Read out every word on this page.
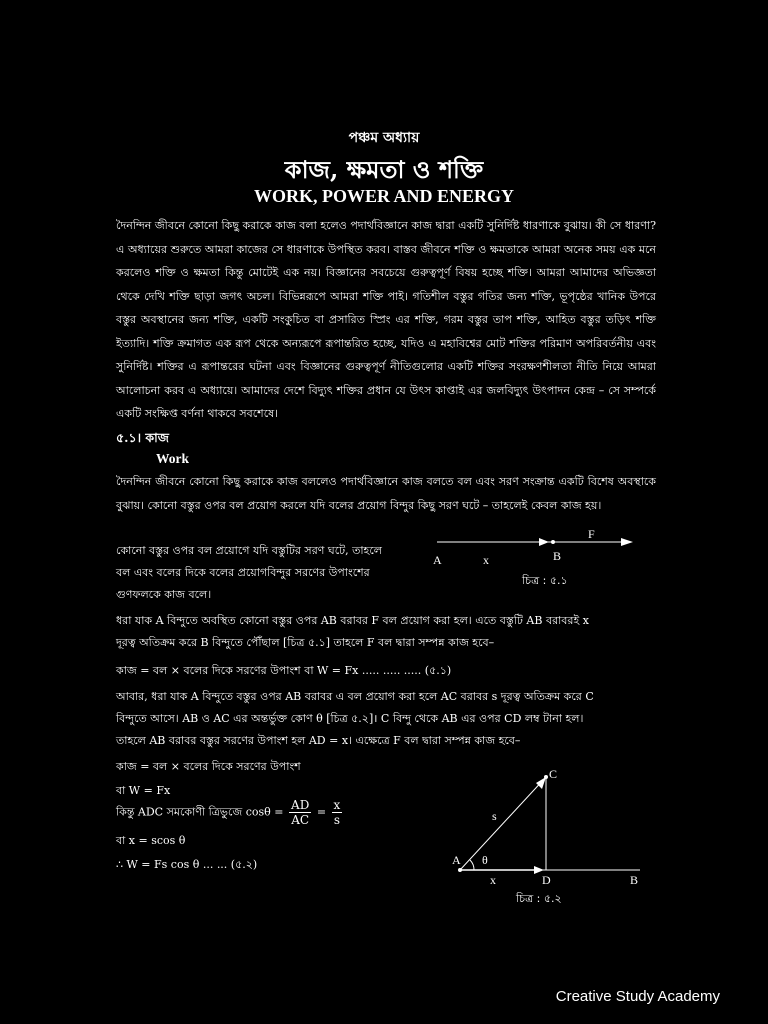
পঞ্চম অধ্যায়
কাজ, ক্ষমতা ও শক্তি
WORK, POWER AND ENERGY
দৈনন্দিন জীবনে কোনো কিছু করাকে কাজ বলা হলেও পদার্থবিজ্ঞানে কাজ দ্বারা একটি সুনির্দিষ্ট ধারণাকে বুঝায়। কী সে ধারণা? এ অধ্যায়ের শুরুতে আমরা কাজের সে ধারণাকে উপস্থিত করব। বাস্তব জীবনে শক্তি ও ক্ষমতাকে আমরা অনেক সময় এক মনে করলেও শক্তি ও ক্ষমতা কিন্তু মোটেই এক নয়। বিজ্ঞানের সবচেয়ে গুরুত্বপূর্ণ বিষয় হচ্ছে শক্তি। আমরা আমাদের অভিজ্ঞতা থেকে দেখি শক্তি ছাড়া জগৎ অচল। বিভিন্নরূপে আমরা শক্তি পাই। গতিশীল বস্তুর গতির জন্য শক্তি, ভূপৃষ্ঠের খানিক উপরে বস্তুর অবস্থানের জন্য শক্তি, একটি সংকুচিত বা প্রসারিত স্প্রিং এর শক্তি, গরম বস্তুর তাপ শক্তি, আহিত বস্তুর তড়িৎ শক্তি ইত্যাদি। শক্তি ক্রমাগত এক রূপ থেকে অন্যরূপে রূপান্তরিত হচ্ছে, যদিও এ মহাবিশ্বের মোট শক্তির পরিমাণ অপরিবর্তনীয় এবং সুনির্দিষ্ট। শক্তির এ রূপান্তরের ঘটনা এবং বিজ্ঞানের গুরুত্বপূর্ণ নীতিগুলোর একটি শক্তির সংরক্ষণশীলতা নীতি নিয়ে আমরা আলোচনা করব এ অধ্যায়ে। আমাদের দেশে বিদ্যুৎ শক্তির প্রধান যে উৎস কাপ্তাই এর জলবিদ্যুৎ উৎপাদন কেন্দ্র – সে সম্পর্কে একটি সংক্ষিপ্ত বর্ণনা থাকবে সবশেষে।
৫.১। কাজ
Work
দৈনন্দিন জীবনে কোনো কিছু করাকে কাজ বললেও পদার্থবিজ্ঞানে কাজ বলতে বল এবং সরণ সংক্রান্ত একটি বিশেষ অবস্থাকে বুঝায়। কোনো বস্তুর ওপর বল প্রয়োগ করলে যদি বলের প্রয়োগ বিন্দুর কিছু সরণ ঘটে – তাহলেই কেবল কাজ হয়।
কোনো বস্তুর ওপর বল প্রয়োগে যদি বস্তুটির সরণ ঘটে, তাহলে বল এবং বলের দিকে বলের প্রয়োগবিন্দুর সরণের উপাংশের গুণফলকে কাজ বলে।
A	x	B
F
চিত্র : ৫.১
ধরা যাক A বিন্দুতে অবস্থিত কোনো বস্তুর ওপর AB বরাবর F বল প্রয়োগ করা হল। এতে বস্তুটি AB বরাবরই x
দূরত্ব অতিক্রম করে B বিন্দুতে পৌঁছাল [চিত্র ৫.১] তাহলে F বল দ্বারা সম্পন্ন কাজ হবে–
কাজ = বল × বলের দিকে সরণের উপাংশ বা W = Fx ..... ..... ..... (৫.১)
আবার, ধরা যাক A বিন্দুতে বস্তুর ওপর AB বরাবর এ বল প্রয়োগ করা হলে AC বরাবর s দূরত্ব অতিক্রম করে C
বিন্দুতে আসে। AB ও AC এর অন্তর্ভুক্ত কোণ θ [চিত্র ৫.২]। C বিন্দু থেকে AB এর ওপর CD লম্ব টানা হল।
তাহলে AB বরাবর বস্তুর সরণের উপাংশ হল AD = x। এক্ষেত্রে F বল দ্বারা সম্পন্ন কাজ হবে–
কাজ = বল × বলের দিকে সরণের উপাংশ
বা W = Fx
কিন্তু ADC সমকোণী ত্রিভুজে $\cos\theta = \frac{AD}{AC} = \frac{x}{s}$
বা x = scos θ
∴ W = Fs cos θ ... ... (৫.২)
C
s
A θ
x	D	B
চিত্র : ৫.২
Creative Study Academy
